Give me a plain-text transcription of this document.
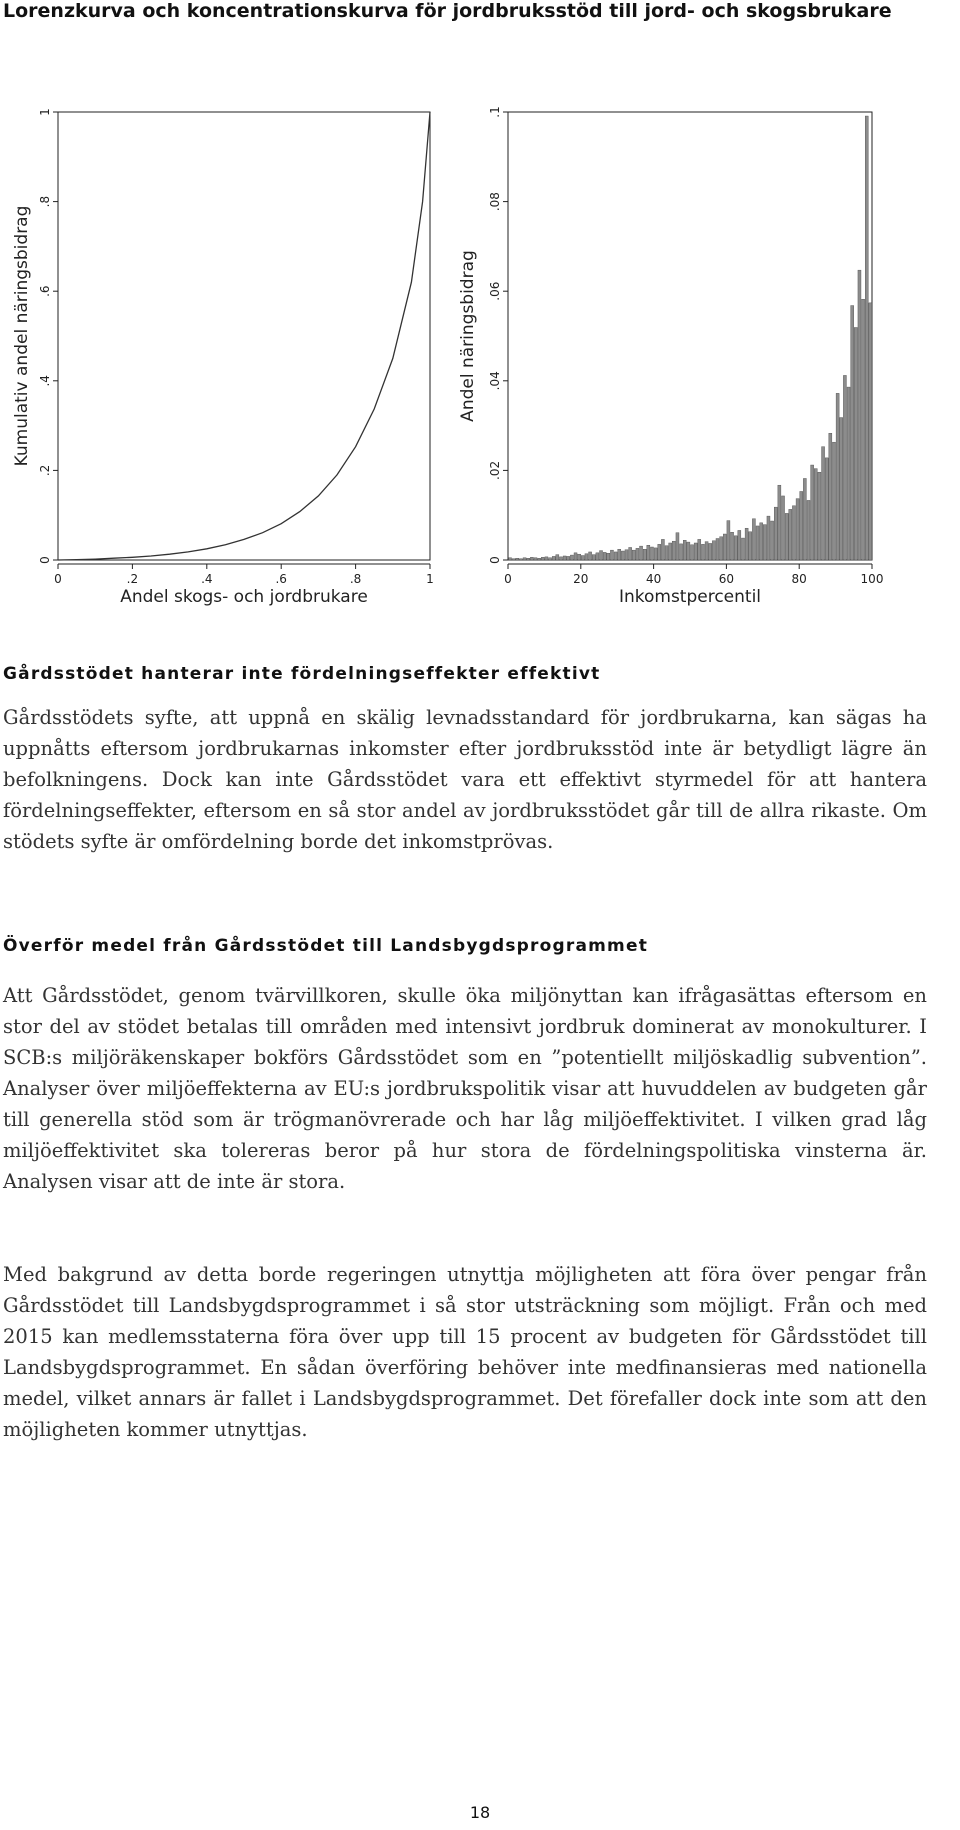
Lorenzkurva och koncentrationskurva för jordbruksstöd till jord- och skogsbrukare
0
.2
.4
.6
.8
1
0	.2	.4	.6	.8	1
Andel skogs- och jordbrukare
Kumulativ andel näringsbidrag
0
.02
.04
.06
.08
.1
0	20	40	60	80	100
Inkomstpercentil
Andel näringsbidrag
Gårdsstödet hanterar inte fördelningseffekter effektivt

Gårdsstödets syfte, att uppnå en skälig levnadsstandard för jordbrukarna, kan sägas ha uppnåtts eftersom jordbrukarnas inkomster efter jordbruksstöd inte är betydligt lägre än befolkningens. Dock kan inte Gårdsstödet vara ett effektivt styrmedel för att hantera fördelningseffekter, eftersom en så stor andel av jordbruksstödet går till de allra rikaste. Om stödets syfte är omfördelning borde det inkomstprövas.

Överför medel från Gårdsstödet till Landsbygdsprogrammet

Att Gårdsstödet, genom tvärvillkoren, skulle öka miljönyttan kan ifrågasättas eftersom en stor del av stödet betalas till områden med intensivt jordbruk dominerat av monokulturer. I SCB:s miljöräkenskaper bokförs Gårdsstödet som en ”potentiellt miljöskadlig subvention”. Analyser över miljöeffekterna av EU:s jordbrukspolitik visar att huvuddelen av budgeten går till generella stöd som är trögmanövrerade och har låg miljöeffektivitet. I vilken grad låg miljöeffektivitet ska tolereras beror på hur stora de fördelningspolitiska vinsterna är. Analysen visar att de inte är stora.

Med bakgrund av detta borde regeringen utnyttja möjligheten att föra över pengar från Gårdsstödet till Landsbygdsprogrammet i så stor utsträckning som möjligt. Från och med 2015 kan medlemsstaterna föra över upp till 15 procent av budgeten för Gårdsstödet till Landsbygdsprogrammet. En sådan överföring behöver inte medfinansieras med nationella medel, vilket annars är fallet i Landsbygdsprogrammet. Det förefaller dock inte som att den möjligheten kommer utnyttjas.

18
